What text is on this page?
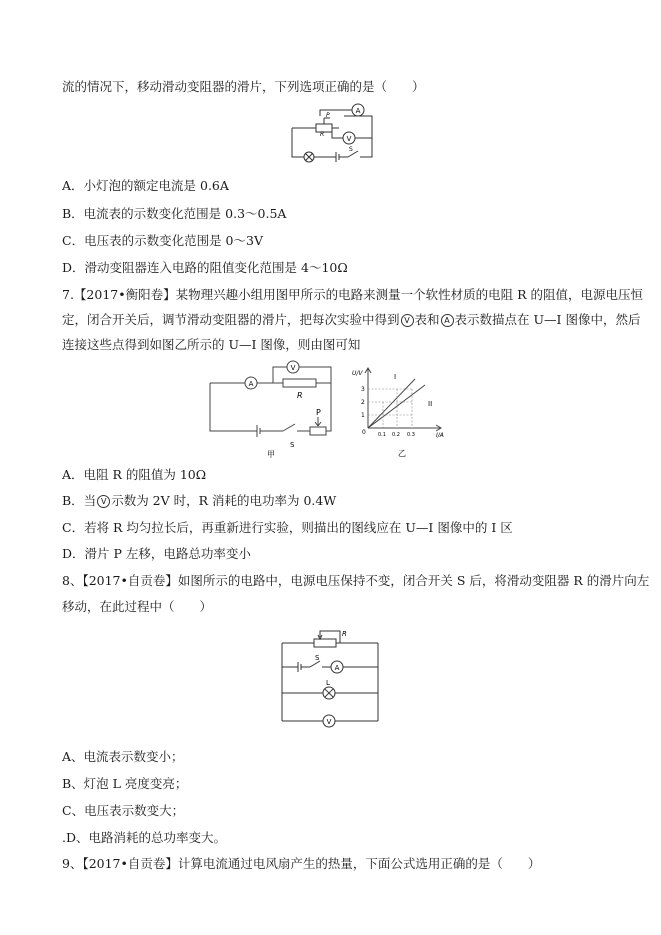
流的情况下，移动滑动变阻器的滑片，下列选项正确的是（　　）
A
V
P
R
S
A．小灯泡的额定电流是 0.6A
B．电流表的示数变化范围是 0.3～0.5A
C．电压表的示数变化范围是 0～3V
D．滑动变阻器连入电路的阻值变化范围是 4～10Ω
7.【2017•衡阳卷】某物理兴趣小组用图甲所示的电路来测量一个软性材质的电阻 R 的阻值，电源电压恒
定，闭合开关后，调节滑动变阻器的滑片，把每次实验中得到 V 表和 A 表示数描点在 U—I 图像中，然后
连接这些点得到如图乙所示的 U—I 图像，则由图可知
A
V
R
P
S
甲
U/V
I/A
0
1
2
3
0.1 0.2 0.3
I
II
乙
A．电阻 R 的阻值为 10Ω
B．当 V 示数为 2V 时，R 消耗的电功率为 0.4W
C．若将 R 均匀拉长后，再重新进行实验，则描出的图线应在 U—I 图像中的 I 区
D．滑片 P 左移，电路总功率变小
8、【2017•自贡卷】如图所示的电路中，电源电压保持不变，闭合开关 S 后，将滑动变阻器 R 的滑片向左
移动，在此过程中（　　）
A
V
R
S
L
A、电流表示数变小；
B、灯泡 L 亮度变亮；
C、电压表示数变大；
.D、电路消耗的总功率变大。
9、【2017•自贡卷】计算电流通过电风扇产生的热量，下面公式选用正确的是（　　）
